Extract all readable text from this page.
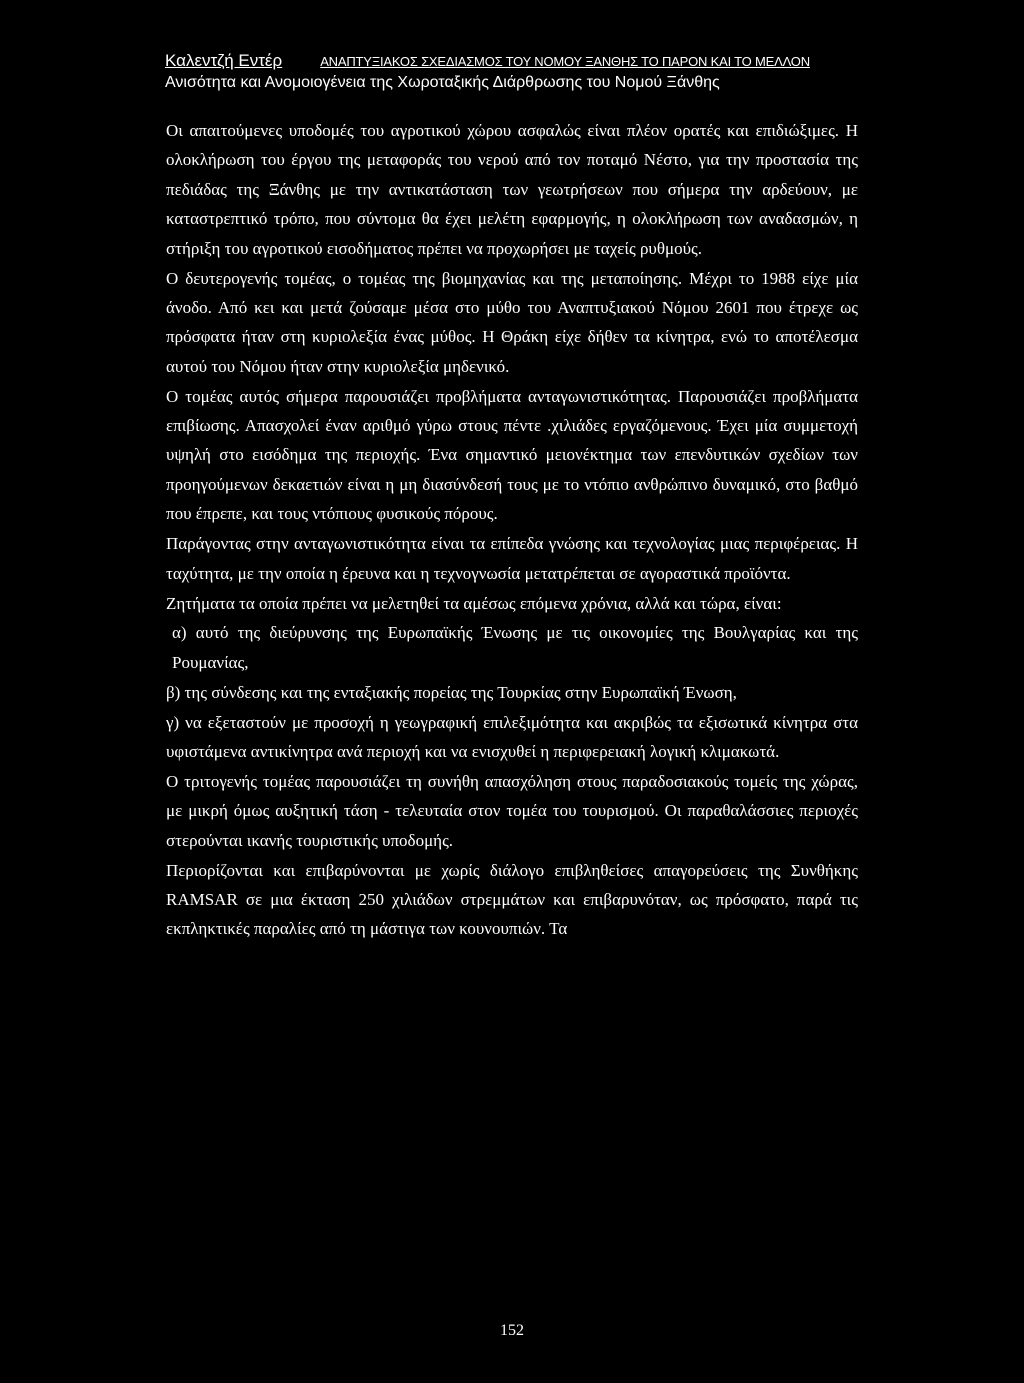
Καλεντζή Εντέρ	ΑΝΑΠΤΥΞΙΑΚΟΣ ΣΧΕΔΙΑΣΜΟΣ ΤΟΥ ΝΟΜΟΥ ΞΑΝΘΗΣ ΤΟ ΠΑΡΟΝ ΚΑΙ ΤΟ ΜΕΛΛΟΝ
Ανισότητα και Ανομοιογένεια της Χωροταξικής Διάρθρωσης του Νομού Ξάνθης

Οι απαιτούμενες υποδομές του αγροτικού χώρου ασφαλώς είναι πλέον ορατές και επιδιώξιμες. Η ολοκλήρωση του έργου της μεταφοράς του νερού από τον ποταμό Νέστο, για την προστασία της πεδιάδας της Ξάνθης με την αντικατάσταση των γεωτρήσεων που σήμερα την αρδεύουν, με καταστρεπτικό τρόπο, που σύντομα θα έχει μελέτη εφαρμογής, η ολοκλήρωση των αναδασμών, η στήριξη του αγροτικού εισοδήματος πρέπει να προχωρήσει με ταχείς ρυθμούς.

Ο δευτερογενής τομέας, ο τομέας της βιομηχανίας και της μεταποίησης. Μέχρι το 1988 είχε μία άνοδο. Από κει και μετά ζούσαμε μέσα στο μύθο του Αναπτυξιακού Νόμου 2601 που έτρεχε ως πρόσφατα ήταν στη κυριολεξία ένας μύθος. Η Θράκη είχε δήθεν τα κίνητρα, ενώ το αποτέλεσμα αυτού του Νόμου ήταν στην κυριολεξία μηδενικό.

Ο τομέας αυτός σήμερα παρουσιάζει προβλήματα ανταγωνιστικότητας. Παρουσιάζει προβλήματα επιβίωσης. Απασχολεί έναν αριθμό γύρω στους πέντε .χιλιάδες εργαζόμενους. Έχει μία συμμετοχή υψηλή στο εισόδημα της περιοχής. Ένα σημαντικό μειονέκτημα των επενδυτικών σχεδίων των προηγούμενων δεκαετιών είναι η μη διασύνδεσή τους με το ντόπιο ανθρώπινο δυναμικό, στο βαθμό που έπρεπε, και τους ντόπιους φυσικούς πόρους.

Παράγοντας στην ανταγωνιστικότητα είναι τα επίπεδα γνώσης και τεχνολογίας μιας περιφέρειας. Η ταχύτητα, με την οποία η έρευνα και η τεχνογνωσία μετατρέπεται σε αγοραστικά προϊόντα.

Ζητήματα τα οποία πρέπει να μελετηθεί τα αμέσως επόμενα χρόνια, αλλά και τώρα, είναι:

α) αυτό της διεύρυνσης της Ευρωπαϊκής Ένωσης με τις οικονομίες της Βουλγαρίας και της Ρουμανίας,

β) της σύνδεσης και της ενταξιακής πορείας της Τουρκίας στην Ευρωπαϊκή Ένωση,

γ) να εξεταστούν με προσοχή η γεωγραφική επιλεξιμότητα και ακριβώς τα εξισωτικά κίνητρα στα υφιστάμενα αντικίνητρα ανά περιοχή και να ενισχυθεί η περιφερειακή λογική κλιμακωτά.

Ο τριτογενής τομέας παρουσιάζει τη συνήθη απασχόληση στους παραδοσιακούς τομείς της χώρας, με μικρή όμως αυξητική τάση - τελευταία στον τομέα του τουρισμού. Οι παραθαλάσσιες περιοχές στερούνται ικανής τουριστικής υποδομής.

Περιορίζονται και επιβαρύνονται με χωρίς διάλογο επιβληθείσες απαγορεύσεις της Συνθήκης RAMSAR σε μια έκταση 250 χιλιάδων στρεμμάτων και επιβαρυνόταν, ως πρόσφατο, παρά τις εκπληκτικές παραλίες από τη μάστιγα των κουνουπιών. Τα

152
